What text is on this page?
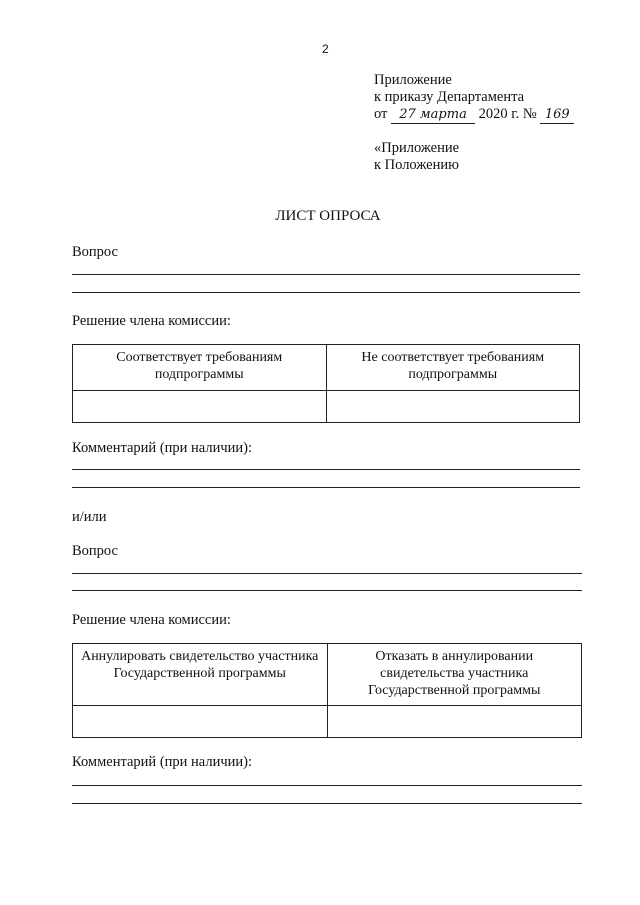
2
Приложение
к приказу Департамента
от 27 марта 2020 г. № 169
«Приложение
к Положению
ЛИСТ ОПРОСА
Вопрос
Решение члена комиссии:
Соответствует требованиям подпрограммы	Не соответствует требованиям подпрограммы

Комментарий (при наличии):
и/или
Вопрос
Решение члена комиссии:
Аннулировать свидетельство участника Государственной программы	Отказать в аннулировании свидетельства участника Государственной программы

Комментарий (при наличии):
